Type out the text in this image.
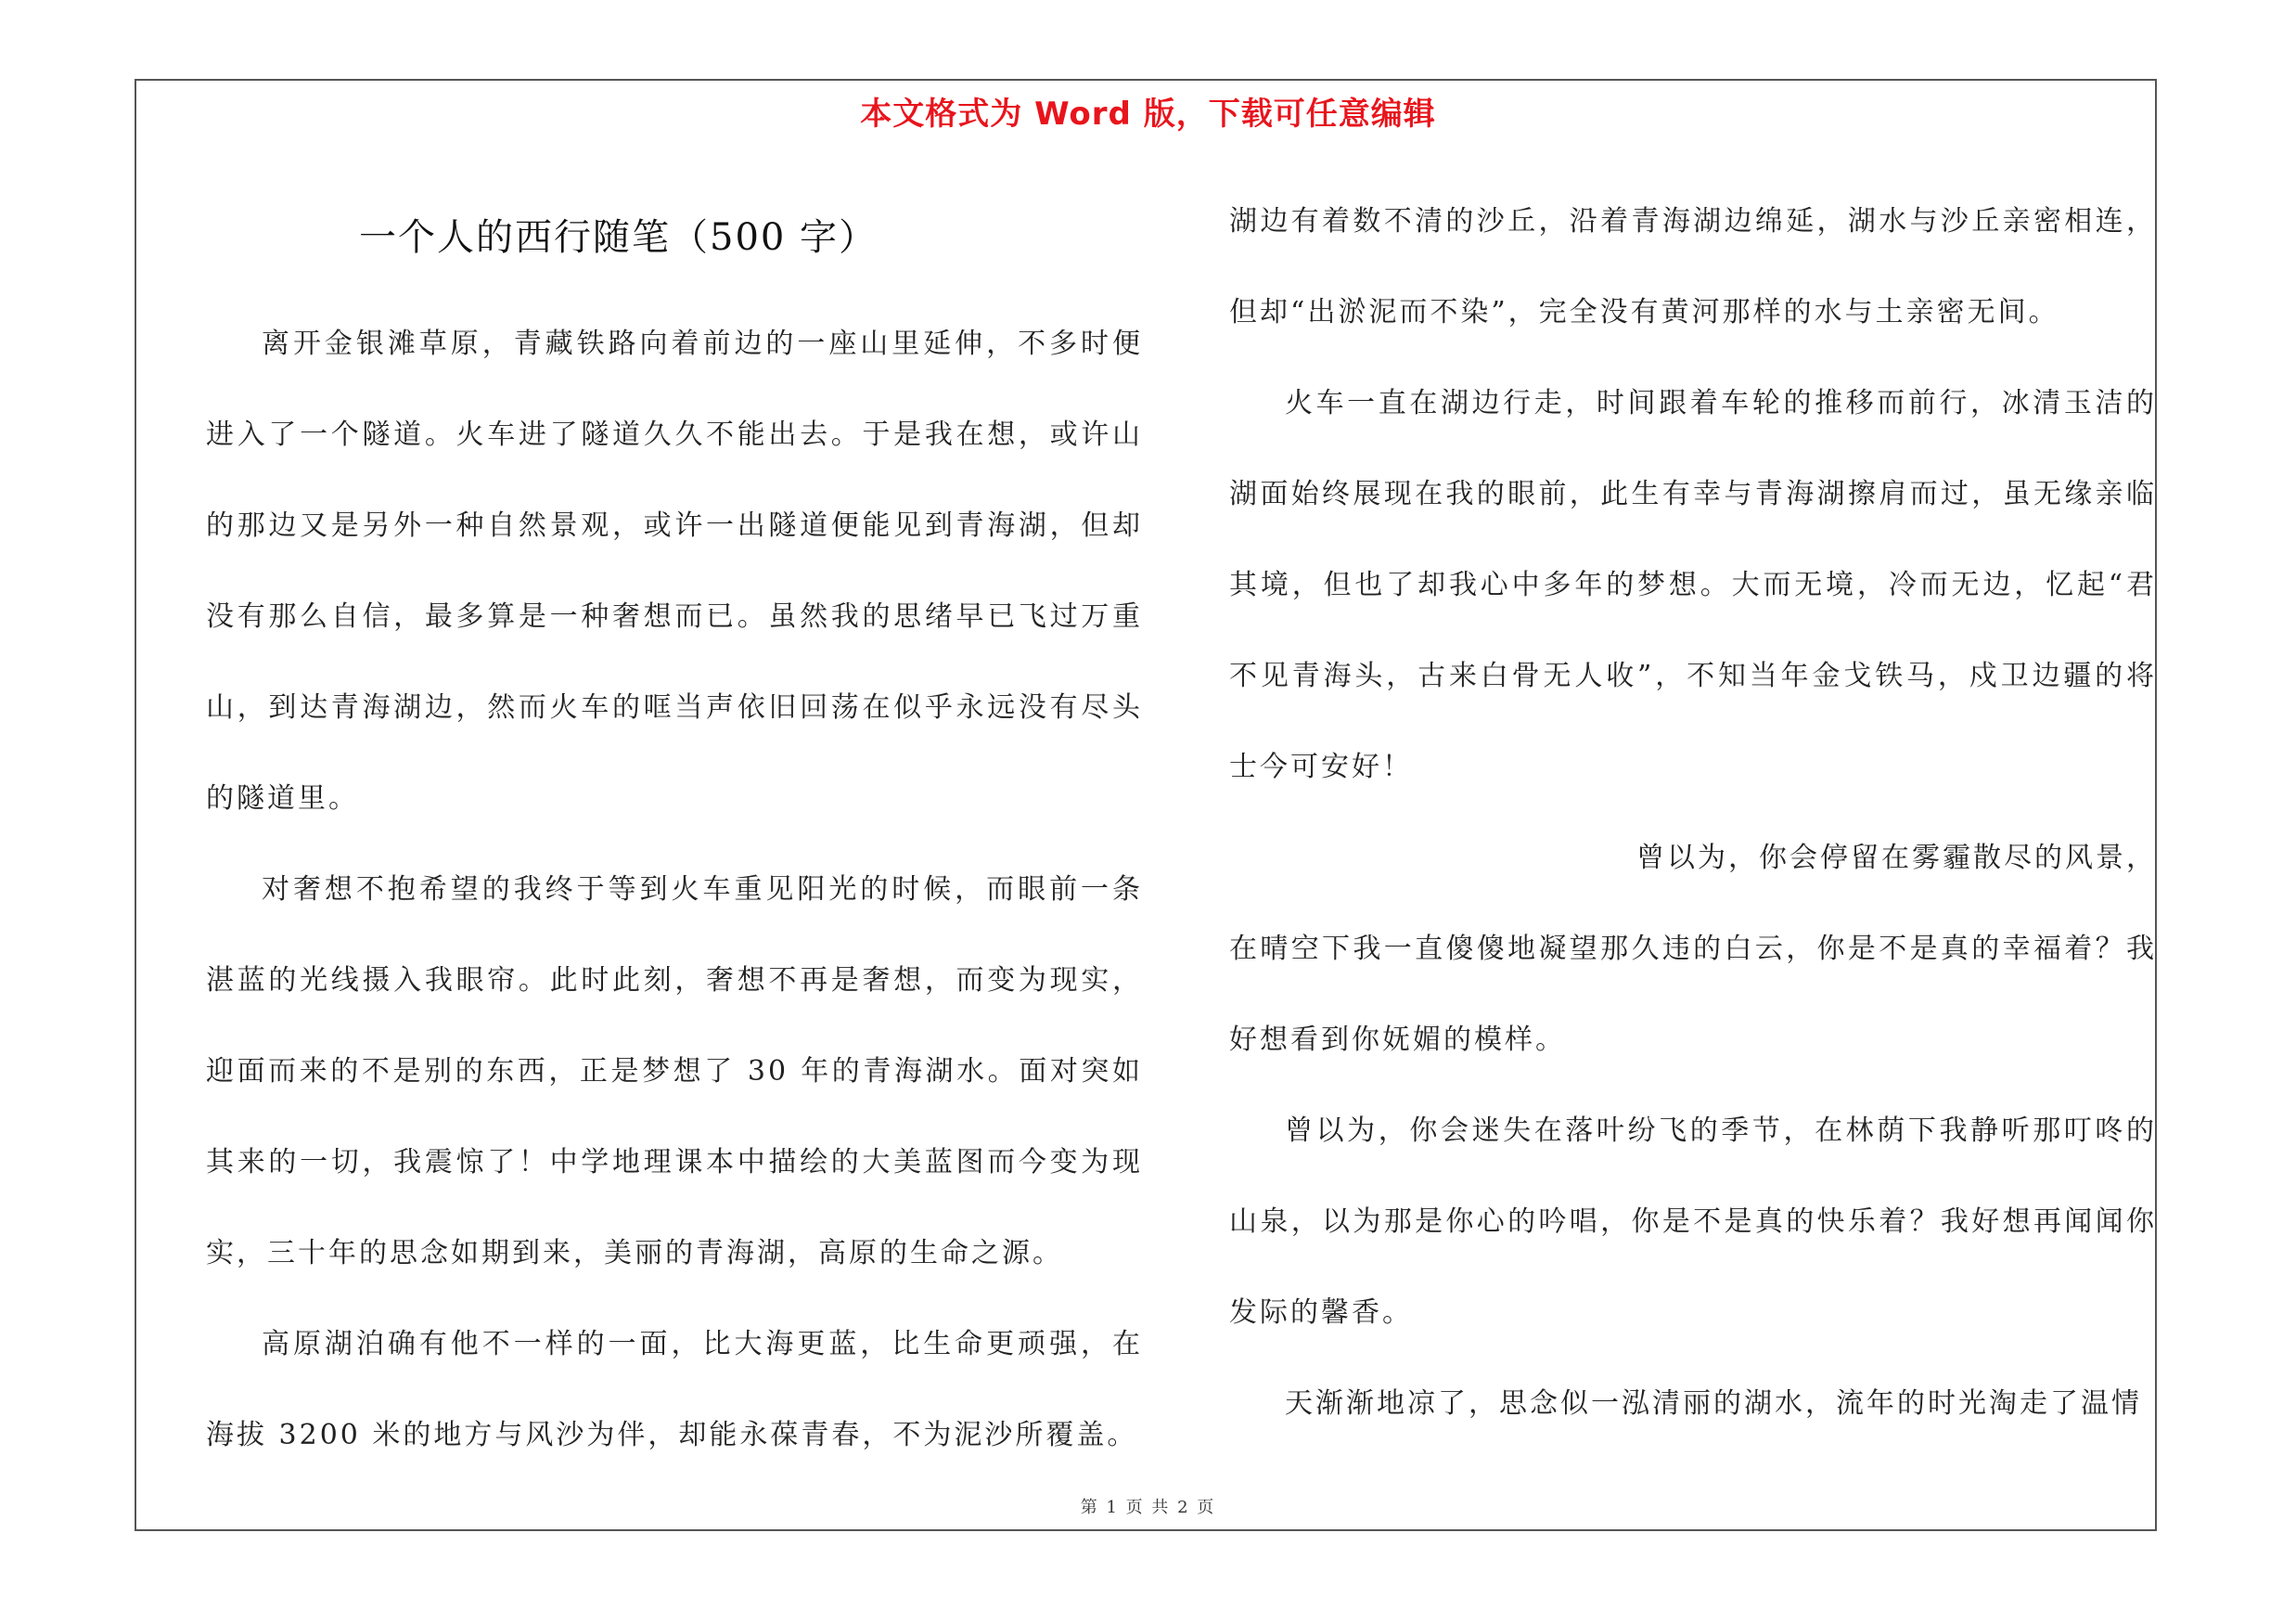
本文格式为 Word 版，下载可任意编辑
一个人的西行随笔（500 字）

离开金银滩草原，青藏铁路向着前边的一座山里延伸，不多时便进入了一个隧道。火车进了隧道久久不能出去。于是我在想，或许山的那边又是另外一种自然景观，或许一出隧道便能见到青海湖，但却没有那么自信，最多算是一种奢想而已。虽然我的思绪早已飞过万重山，到达青海湖边，然而火车的哐当声依旧回荡在似乎永远没有尽头的隧道里。

对奢想不抱希望的我终于等到火车重见阳光的时候，而眼前一条湛蓝的光线摄入我眼帘。此时此刻，奢想不再是奢想，而变为现实，迎面而来的不是别的东西，正是梦想了 30 年的青海湖水。面对突如其来的一切，我震惊了！中学地理课本中描绘的大美蓝图而今变为现实，三十年的思念如期到来，美丽的青海湖，高原的生命之源。

高原湖泊确有他不一样的一面，比大海更蓝，比生命更顽强，在海拔 3200 米的地方与风沙为伴，却能永葆青春，不为泥沙所覆盖。

湖边有着数不清的沙丘，沿着青海湖边绵延，湖水与沙丘亲密相连，但却“出淤泥而不染”，完全没有黄河那样的水与土亲密无间。

火车一直在湖边行走，时间跟着车轮的推移而前行，冰清玉洁的湖面始终展现在我的眼前，此生有幸与青海湖擦肩而过，虽无缘亲临其境，但也了却我心中多年的梦想。大而无境，冷而无边，忆起“君不见青海头，古来白骨无人收”，不知当年金戈铁马，戍卫边疆的将士今可安好！

曾以为，你会停留在雾霾散尽的风景，
在晴空下我一直傻傻地凝望那久违的白云，你是不是真的幸福着？我好想看到你妩媚的模样。

曾以为，你会迷失在落叶纷飞的季节，在林荫下我静听那叮咚的山泉，以为那是你心的吟唱，你是不是真的快乐着？我好想再闻闻你发际的馨香。

天渐渐地凉了，思念似一泓清丽的湖水，流年的时光淘走了温情

第 1 页 共 2 页
